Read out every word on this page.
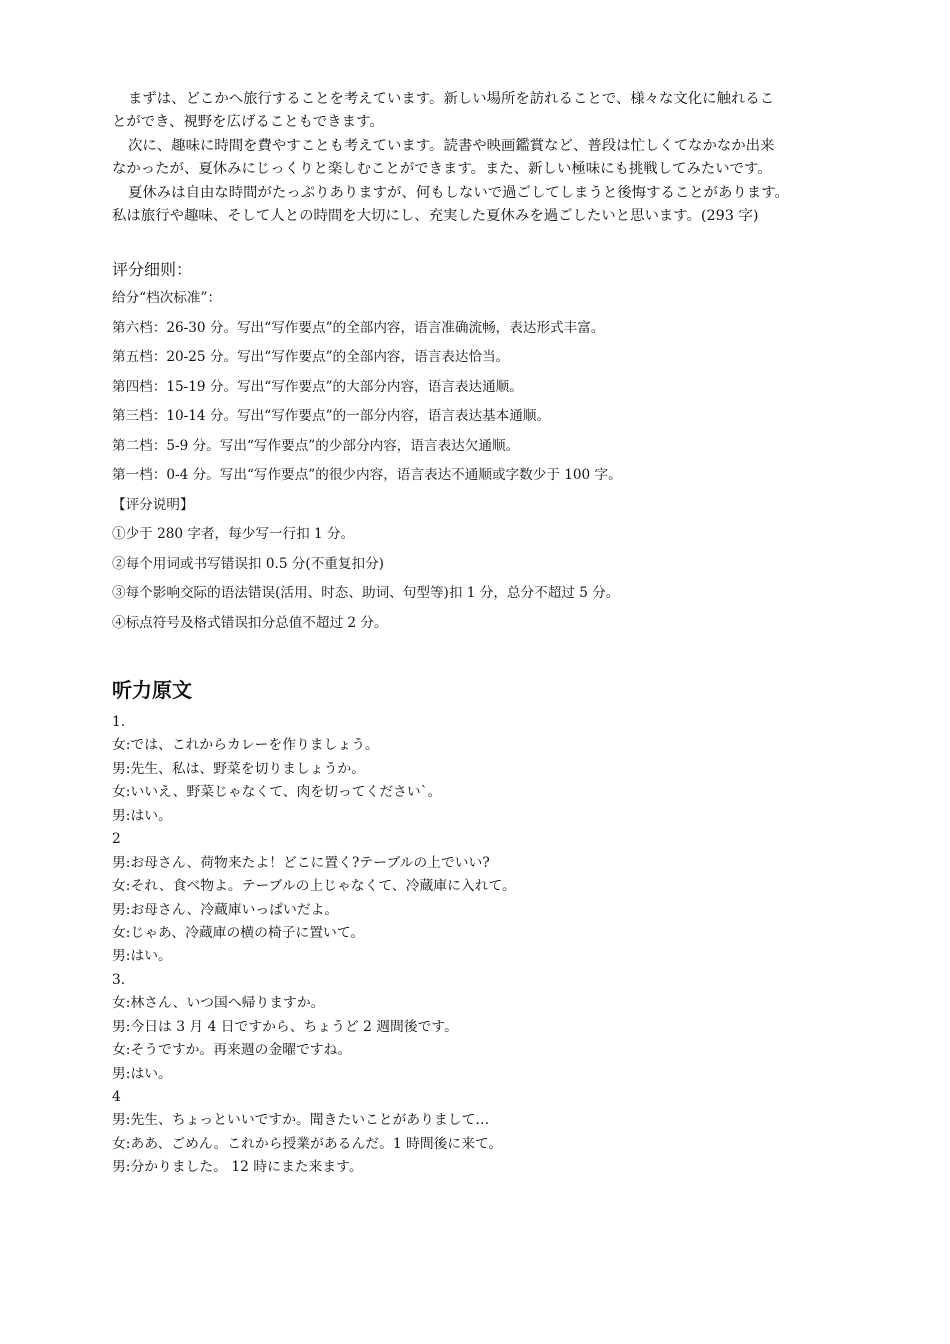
まずは、どこかへ旅行することを考えています。新しい場所を訪れることで、様々な文化に触れるこ

とができ、視野を広げることもできます。

次に、趣味に時間を費やすことも考えています。読書や映画鑑賞など、普段は忙しくてなかなか出来

なかったが、夏休みにじっくりと楽しむことができます。また、新しい極味にも挑戦してみたいです。

夏休みは自由な時間がたっぷりありますが、何もしないで過ごしてしまうと後悔することがあります。

私は旅行や趣味、そして人との時間を大切にし、充実した夏休みを過ごしたいと思います。(293 字)

评分细则：
给分“档次标准”：
第六档：26-30 分。写出“写作要点”的全部内容，语言准确流畅，表达形式丰富。
第五档：20-25 分。写出“写作要点”的全部内容，语言表达恰当。
第四档：15-19 分。写出“写作要点”的大部分内容，语言表达通顺。
第三档：10-14 分。写出“写作要点”的一部分内容，语言表达基本通顺。
第二档：5-9 分。写出“写作要点”的少部分内容，语言表达欠通顺。
第一档：0-4 分。写出“写作要点”的很少内容，语言表达不通顺或字数少于 100 字。
【评分说明】
①少于 280 字者，每少写一行扣 1 分。
②每个用词或书写错误扣 0.5 分(不重复扣分)
③每个影响交际的语法错误(活用、时态、助词、句型等)扣 1 分，总分不超过 5 分。
④标点符号及格式错误扣分总值不超过 2 分。
听力原文
1.
女:では、これからカレーを作りましょう。
男:先生、私は、野菜を切りましょうか。
女:いいえ、野菜じゃなくて、肉を切ってください`。
男:はい。
2
男:お母さん、荷物来たよ！どこに置く?テーブルの上でいい?
女:それ、食べ物よ。テーブルの上じゃなくて、冷蔵庫に入れて。
男:お母さん、冷蔵庫いっぱいだよ。
女:じゃあ、冷蔵庫の横の椅子に置いて。
男:はい。
3.
女:林さん、いつ国へ帰りますか。
男:今日は 3 月 4 日ですから、ちょうど 2 週間後です。
女:そうですか。再来週の金曜ですね。
男:はい。
4
男:先生、ちょっといいですか。聞きたいことがありまして…
女:ああ、ごめん。これから授業があるんだ。1 時間後に来て。
男:分かりました。 12 時にまた来ます。
